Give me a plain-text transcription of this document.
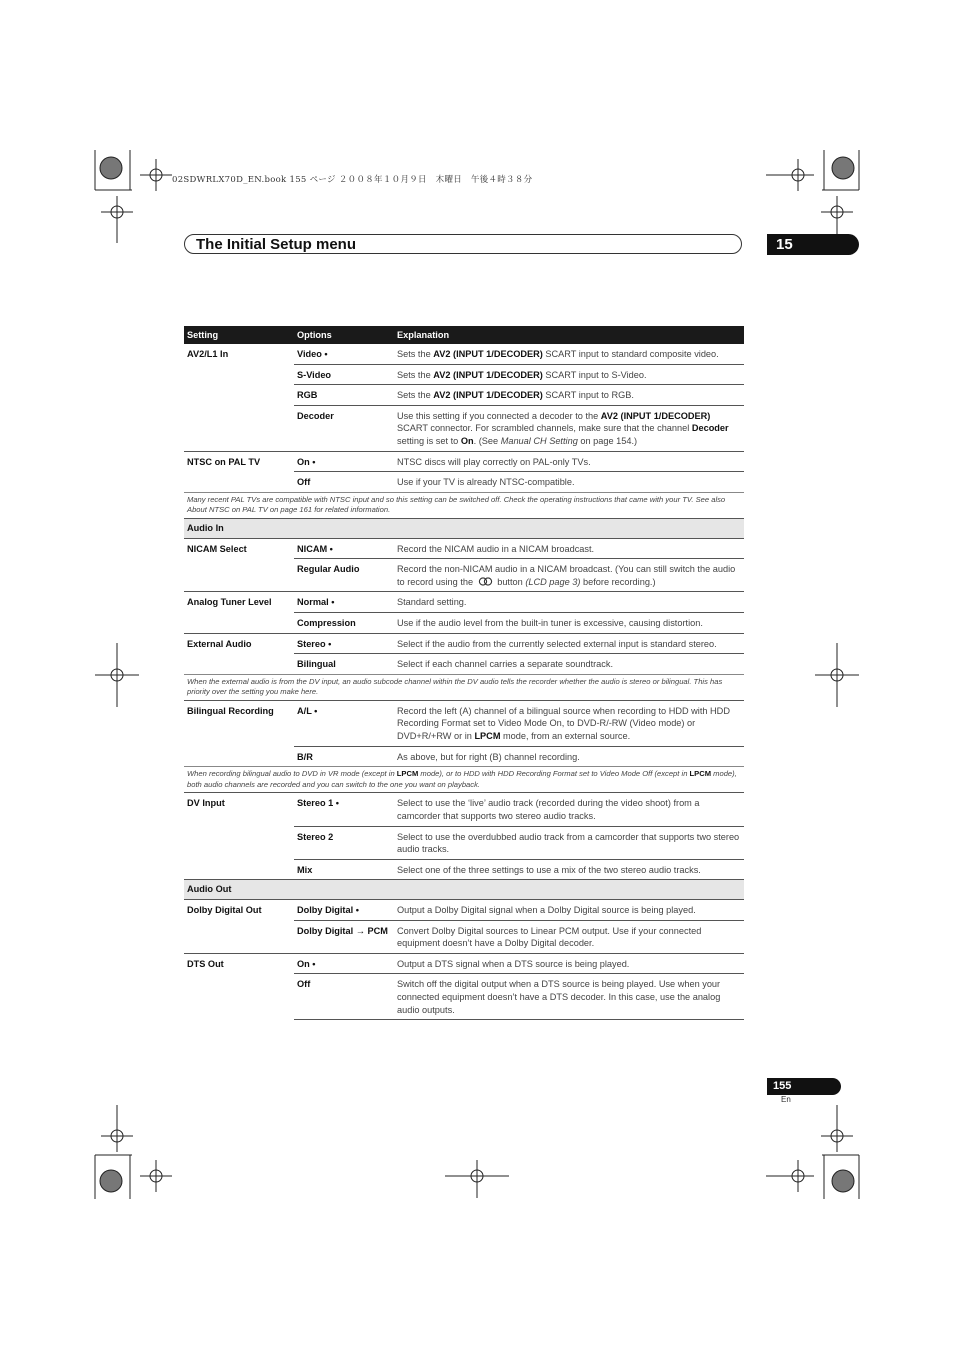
02SDWRLX70D_EN.book 155 ページ ２００８年１０月９日　木曜日　午後４時３８分
The Initial Setup menu	15
Setting	Options	Explanation
AV2/L1 In	Video •	Sets the AV2 (INPUT 1/DECODER) SCART input to standard composite video.
	S-Video	Sets the AV2 (INPUT 1/DECODER) SCART input to S-Video.
	RGB	Sets the AV2 (INPUT 1/DECODER) SCART input to RGB.
	Decoder	Use this setting if you connected a decoder to the AV2 (INPUT 1/DECODER) SCART connector. For scrambled channels, make sure that the channel Decoder setting is set to On. (See Manual CH Setting on page 154.)
NTSC on PAL TV	On •	NTSC discs will play correctly on PAL-only TVs.
	Off	Use if your TV is already NTSC-compatible.
Many recent PAL TVs are compatible with NTSC input and so this setting can be switched off. Check the operating instructions that came with your TV. See also About NTSC on PAL TV on page 161 for related information.		
Audio In		
NICAM Select	NICAM •	Record the NICAM audio in a NICAM broadcast.
	Regular Audio	Record the non-NICAM audio in a NICAM broadcast. (You can still switch the audio to record using the  button (LCD page 3) before recording.)
Analog Tuner Level	Normal •	Standard setting.
	Compression	Use if the audio level from the built-in tuner is excessive, causing distortion.
External Audio	Stereo •	Select if the audio from the currently selected external input is standard stereo.
	Bilingual	Select if each channel carries a separate soundtrack.
When the external audio is from the DV input, an audio subcode channel within the DV audio tells the recorder whether the audio is stereo or bilingual. This has priority over the setting you make here.		
Bilingual Recording	A/L •	Record the left (A) channel of a bilingual source when recording to HDD with HDD Recording Format set to Video Mode On, to DVD-R/-RW (Video mode) or DVD+R/+RW or in LPCM mode, from an external source.
	B/R	As above, but for right (B) channel recording.
When recording bilingual audio to DVD in VR mode (except in LPCM mode), or to HDD with HDD Recording Format set to Video Mode Off (except in LPCM mode), both audio channels are recorded and you can switch to the one you want on playback.		
DV Input	Stereo 1 •	Select to use the ‘live’ audio track (recorded during the video shoot) from a camcorder that supports two stereo audio tracks.
	Stereo 2	Select to use the overdubbed audio track from a camcorder that supports two stereo audio tracks.
	Mix	Select one of the three settings to use a mix of the two stereo audio tracks.
Audio Out		
Dolby Digital Out	Dolby Digital •	Output a Dolby Digital signal when a Dolby Digital source is being played.
	Dolby Digital → PCM	Convert Dolby Digital sources to Linear PCM output. Use if your connected equipment doesn’t have a Dolby Digital decoder.
DTS Out	On •	Output a DTS signal when a DTS source is being played.
	Off	Switch off the digital output when a DTS source is being played. Use when your connected equipment doesn’t have a DTS decoder. In this case, use the analog audio outputs.
155
En
